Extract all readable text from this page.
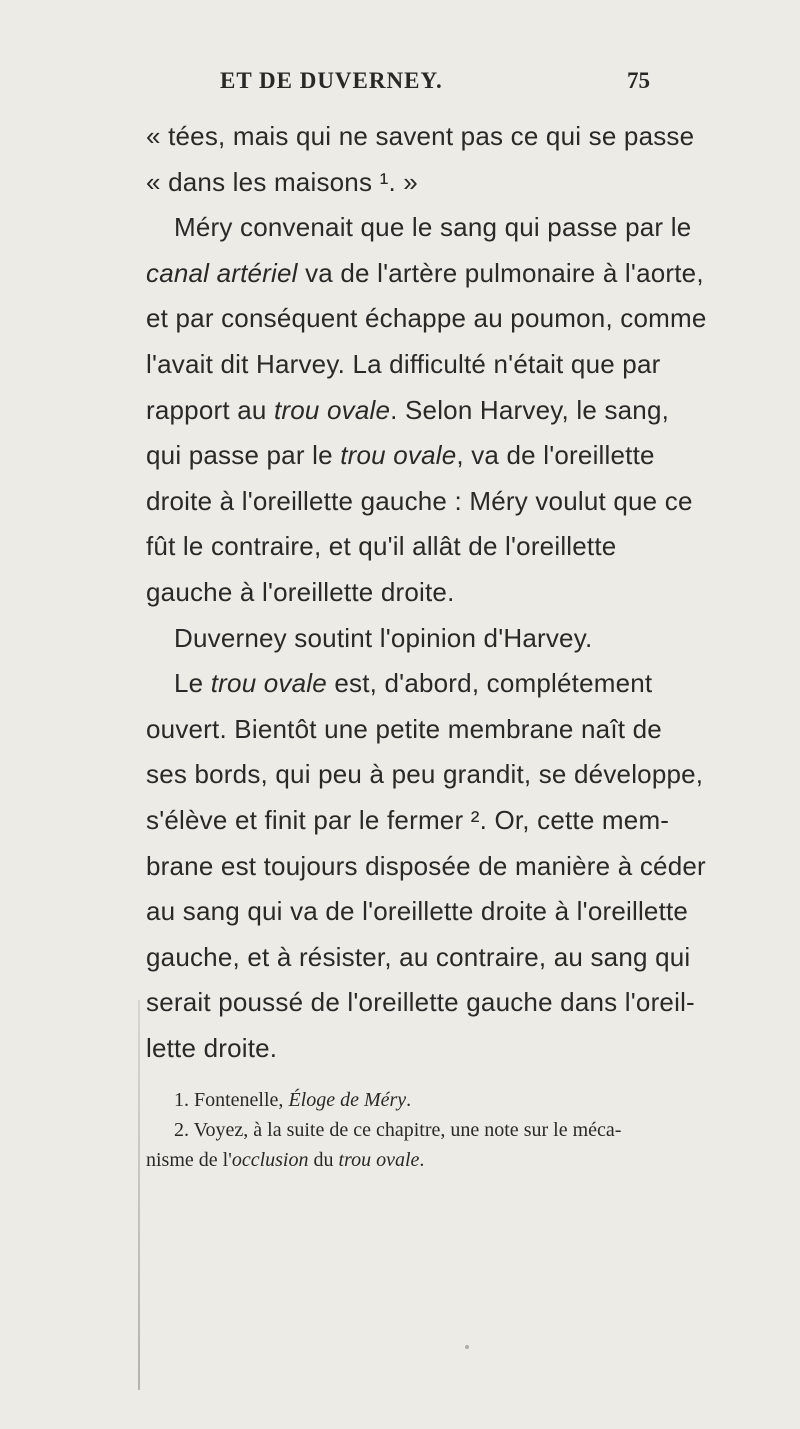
ET DE DUVERNEY.	75
« tées, mais qui ne savent pas ce qui se passe
« dans les maisons ¹. »
Méry convenait que le sang qui passe par le
canal artériel va de l'artère pulmonaire à l'aorte,
et par conséquent échappe au poumon, comme
l'avait dit Harvey. La difficulté n'était que par
rapport au trou ovale. Selon Harvey, le sang,
qui passe par le trou ovale, va de l'oreillette
droite à l'oreillette gauche : Méry voulut que ce
fût le contraire, et qu'il allât de l'oreillette
gauche à l'oreillette droite.
Duverney soutint l'opinion d'Harvey.
Le trou ovale est, d'abord, complétement
ouvert. Bientôt une petite membrane naît de
ses bords, qui peu à peu grandit, se développe,
s'élève et finit par le fermer ². Or, cette mem-
brane est toujours disposée de manière à céder
au sang qui va de l'oreillette droite à l'oreillette
gauche, et à résister, au contraire, au sang qui
serait poussé de l'oreillette gauche dans l'oreil-
lette droite.
1. Fontenelle, Éloge de Méry.
2. Voyez, à la suite de ce chapitre, une note sur le méca-
nisme de l'occlusion du trou ovale.
